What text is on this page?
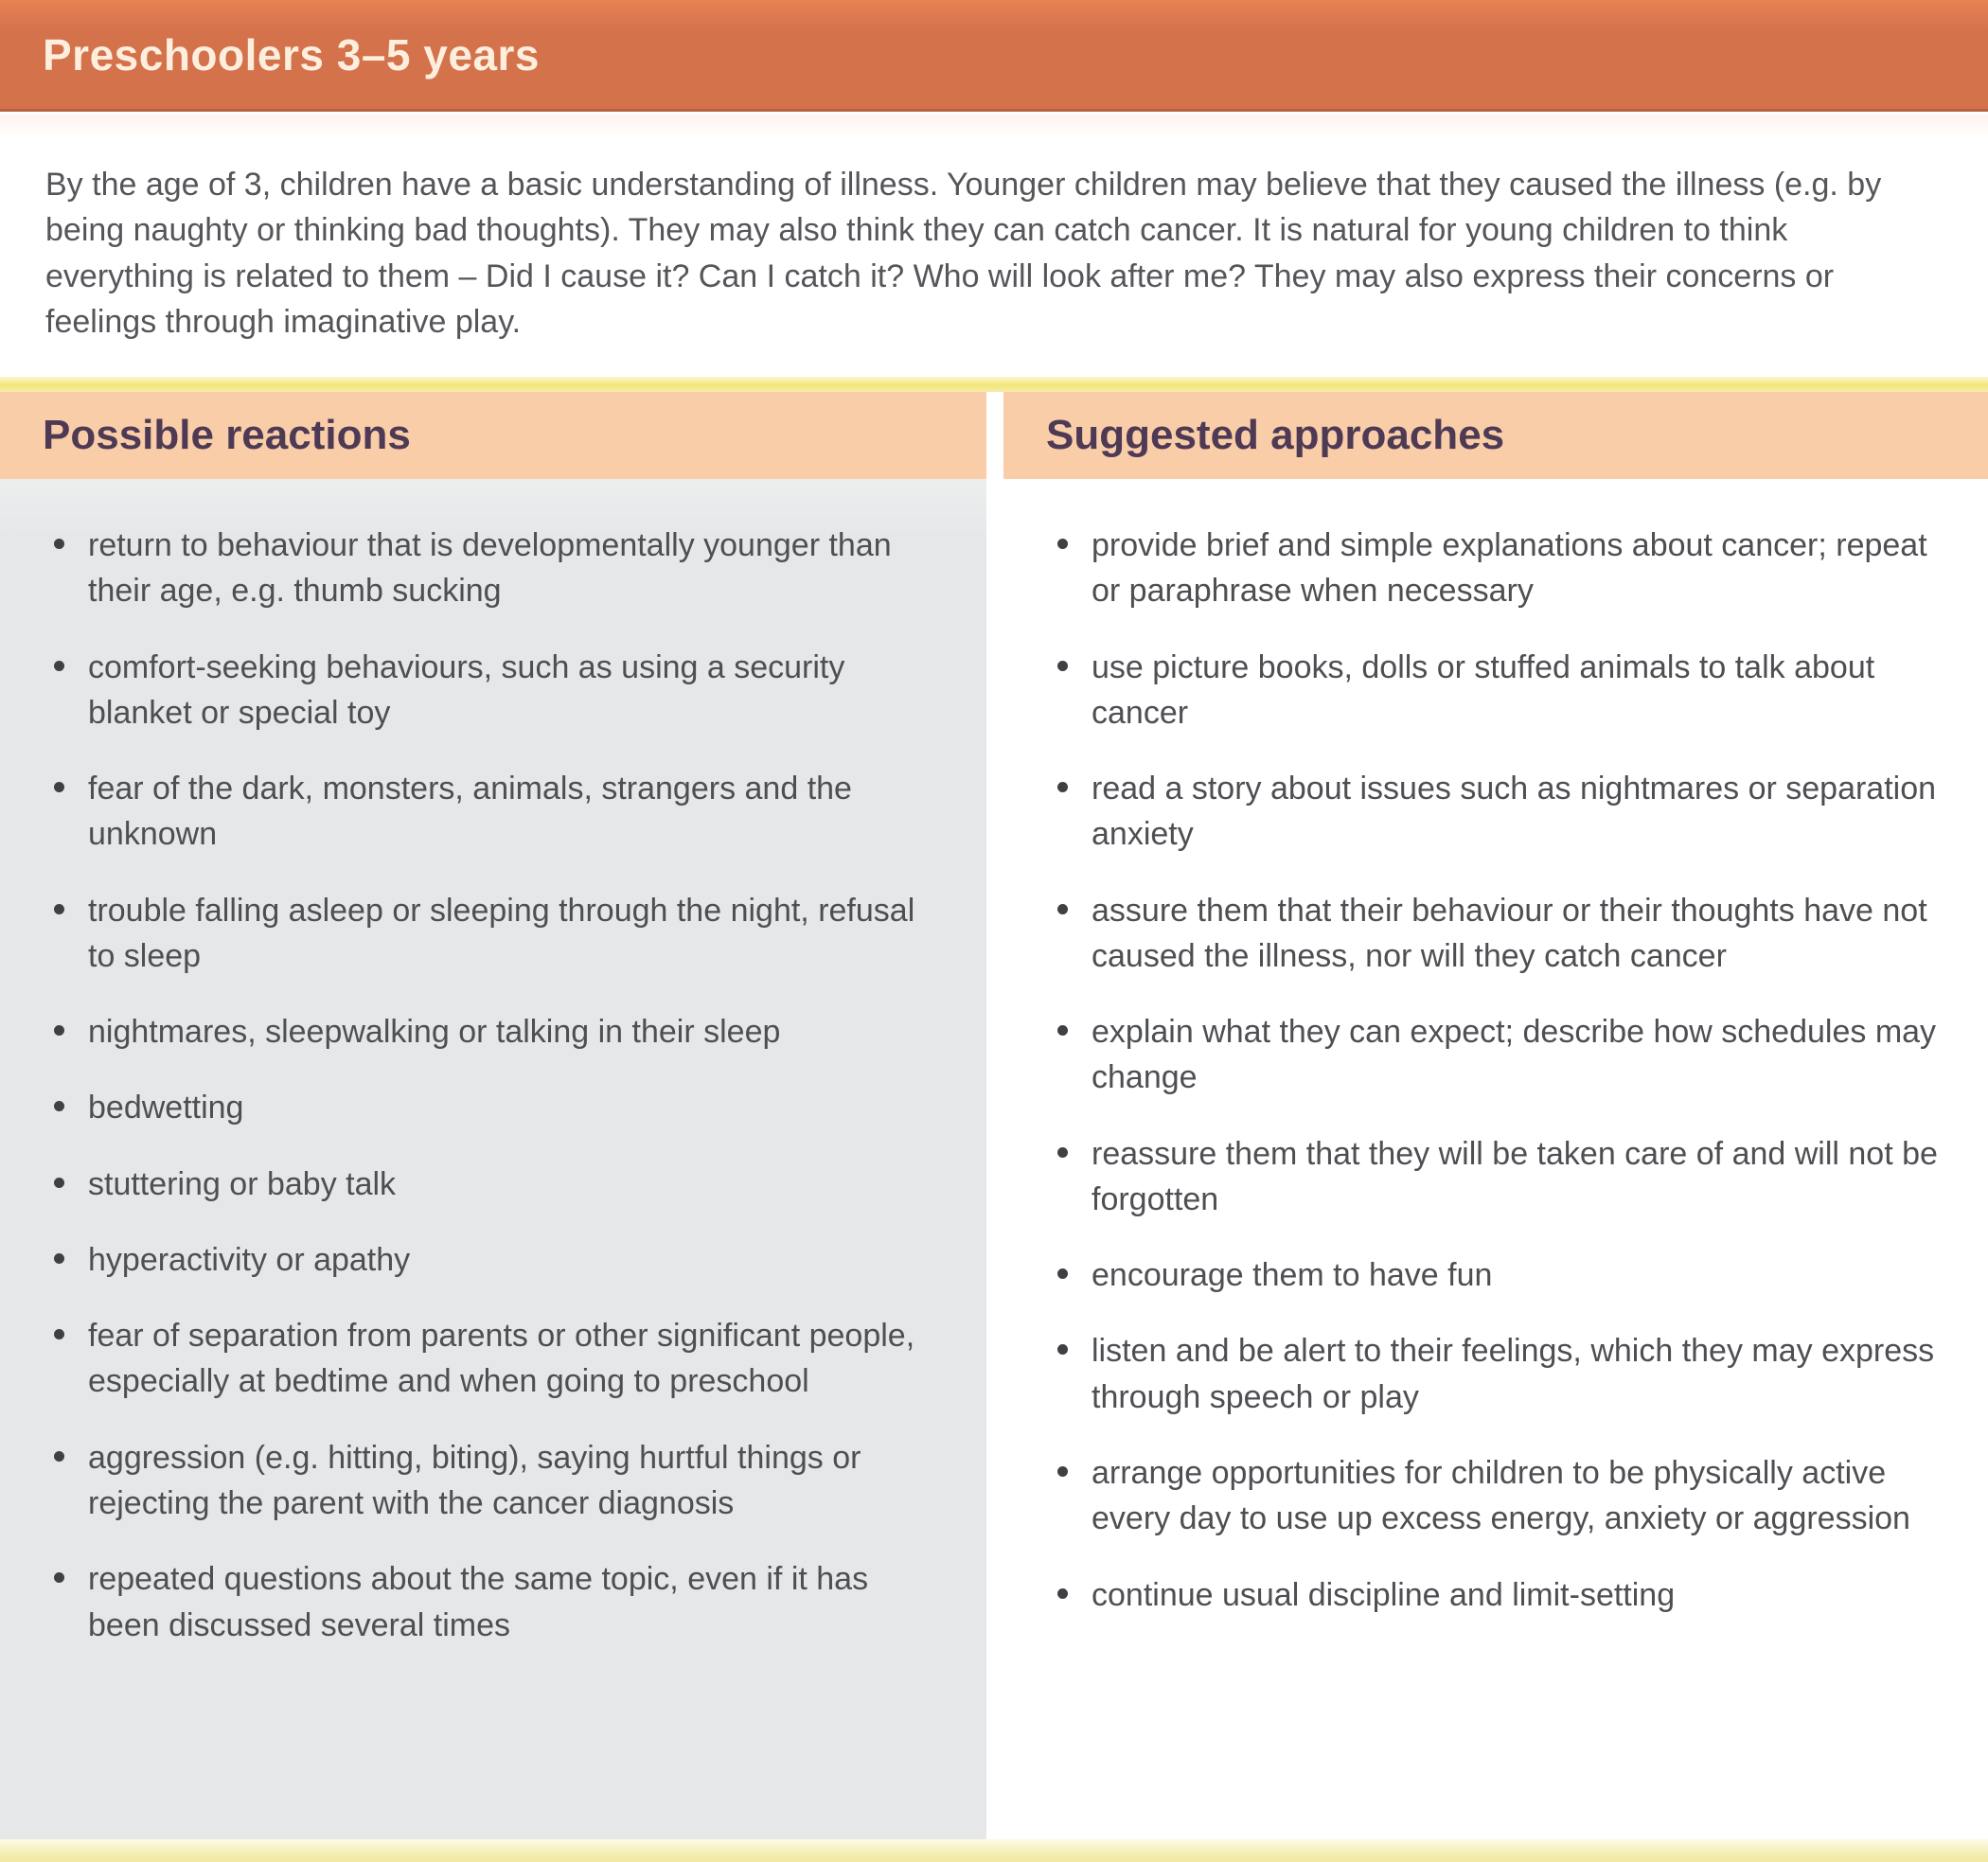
Preschoolers 3–5 years

By the age of 3, children have a basic understanding of illness. Younger children may believe that they caused the illness (e.g. by being naughty or thinking bad thoughts). They may also think they can catch cancer. It is natural for young children to think everything is related to them – Did I cause it? Can I catch it? Who will look after me? They may also express their concerns or feelings through imaginative play.

Possible reactions
return to behaviour that is developmentally younger than their age, e.g. thumb sucking
comfort-seeking behaviours, such as using a security blanket or special toy
fear of the dark, monsters, animals, strangers and the unknown
trouble falling asleep or sleeping through the night, refusal to sleep
nightmares, sleepwalking or talking in their sleep
bedwetting
stuttering or baby talk
hyperactivity or apathy
fear of separation from parents or other significant people, especially at bedtime and when going to preschool
aggression (e.g. hitting, biting), saying hurtful things or rejecting the parent with the cancer diagnosis
repeated questions about the same topic, even if it has been discussed several times
Suggested approaches
provide brief and simple explanations about cancer; repeat or paraphrase when necessary
use picture books, dolls or stuffed animals to talk about cancer
read a story about issues such as nightmares or separation anxiety
assure them that their behaviour or their thoughts have not caused the illness, nor will they catch cancer
explain what they can expect; describe how schedules may change
reassure them that they will be taken care of and will not be forgotten
encourage them to have fun
listen and be alert to their feelings, which they may express through speech or play
arrange opportunities for children to be physically active every day to use up excess energy, anxiety or aggression
continue usual discipline and limit-setting
